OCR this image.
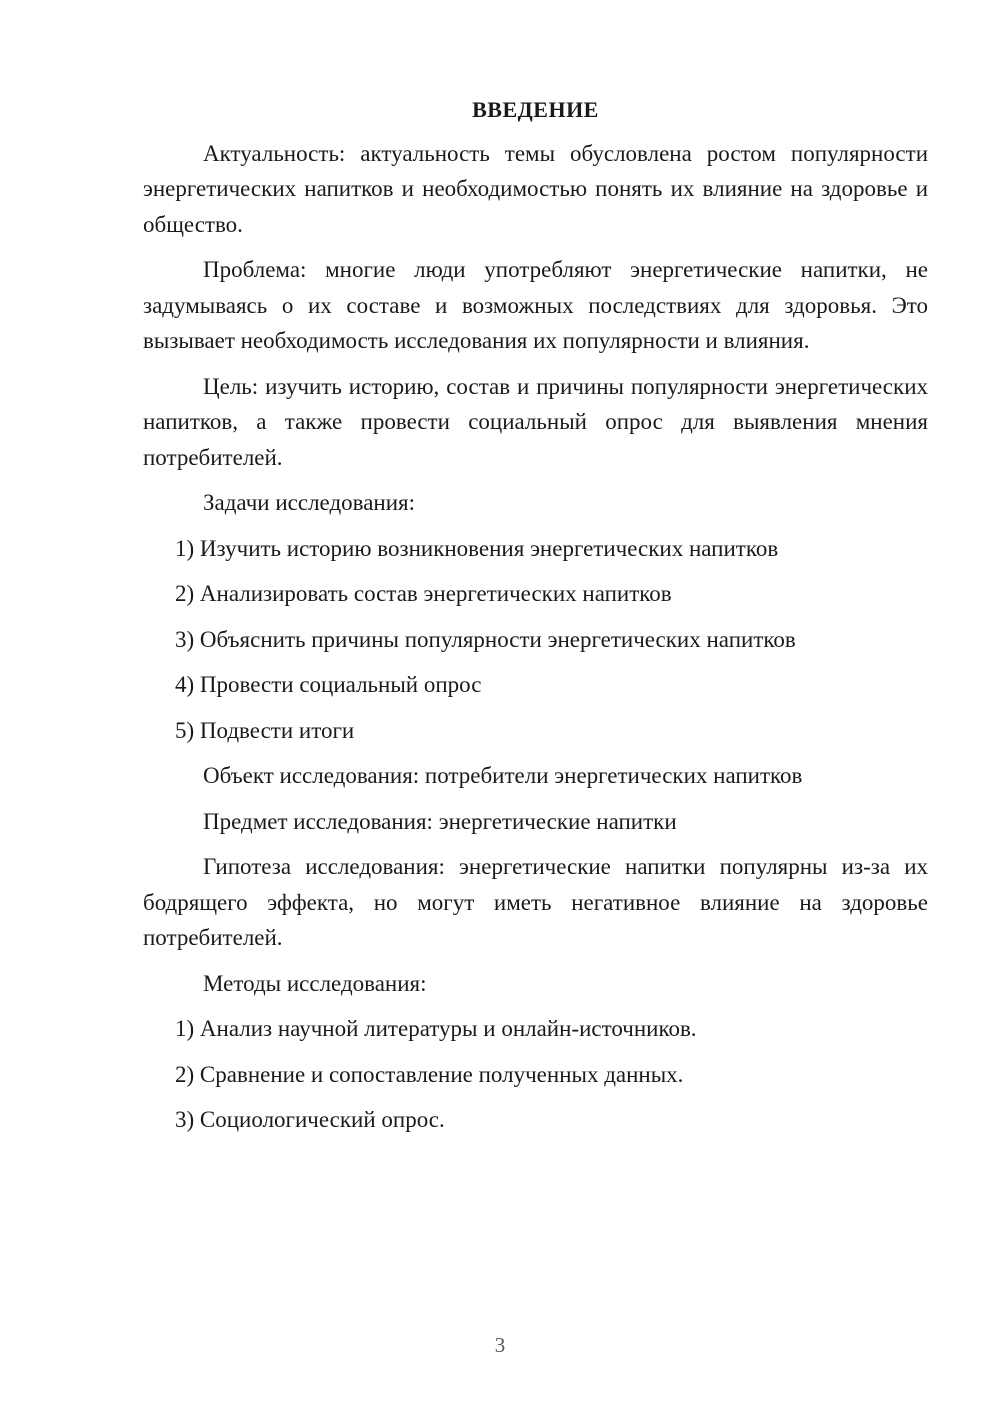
ВВЕДЕНИЕ

Актуальность: актуальность темы обусловлена ростом популярности энергетических напитков и необходимостью понять их влияние на здоровье и общество.

Проблема: многие люди употребляют энергетические напитки, не задумываясь о их составе и возможных последствиях для здоровья. Это вызывает необходимость исследования их популярности и влияния.

Цель: изучить историю, состав и причины популярности энергетических напитков, а также провести социальный опрос для выявления мнения потребителей.

Задачи исследования:
1) Изучить историю возникновения энергетических напитков
2) Анализировать состав энергетических напитков
3) Объяснить причины популярности энергетических напитков
4) Провести социальный опрос
5) Подвести итоги
Объект исследования: потребители энергетических напитков
Предмет исследования: энергетические напитки

Гипотеза исследования: энергетические напитки популярны из-за их бодрящего эффекта, но могут иметь негативное влияние на здоровье потребителей.

Методы исследования:
1) Анализ научной литературы и онлайн-источников.
2) Сравнение и сопоставление полученных данных.
3) Социологический опрос.
3
